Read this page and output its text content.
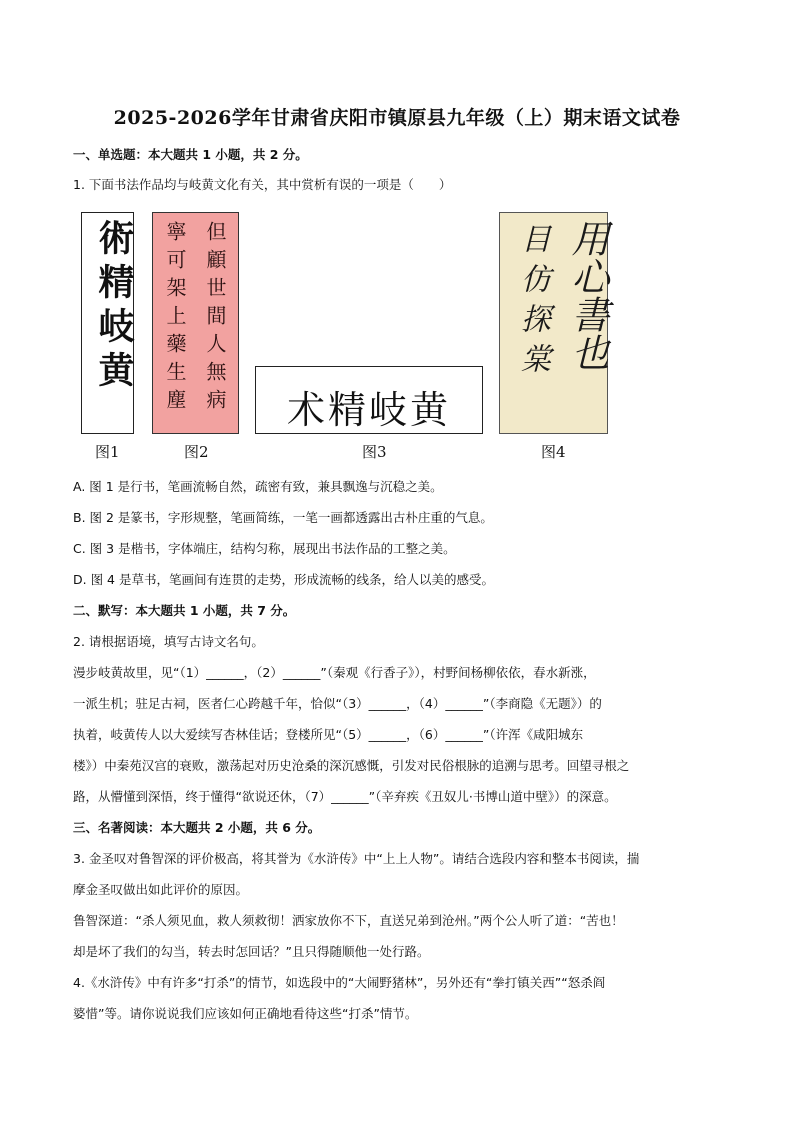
2025-2026学年甘肃省庆阳市镇原县九年级（上）期末语文试卷
一、单选题：本大题共 1 小题，共 2 分。
1. 下面书法作品均与岐黄文化有关，其中赏析有误的一项是（　　）
術精岐黄	但顧世間人無病
寧可架上藥生塵	术精岐黄
用心書也
目仿探棠
图1	图2	图3	图4
A. 图 1 是行书，笔画流畅自然，疏密有致，兼具飘逸与沉稳之美。
B. 图 2 是篆书，字形规整，笔画简练，一笔一画都透露出古朴庄重的气息。
C. 图 3 是楷书，字体端庄，结构匀称，展现出书法作品的工整之美。
D. 图 4 是草书，笔画间有连贯的走势，形成流畅的线条，给人以美的感受。
二、默写：本大题共 1 小题，共 7 分。
2. 请根据语境，填写古诗文名句。
漫步岐黄故里，见“（1）______，（2）______”（秦观《行香子》），村野间杨柳依依，春水新涨，
一派生机；驻足古祠，医者仁心跨越千年，恰似“（3）______，（4）______”（李商隐《无题》）的
执着，岐黄传人以大爱续写杏林佳话；登楼所见“（5）______，（6）______”（许浑《咸阳城东
楼》）中秦苑汉宫的衰败，激荡起对历史沧桑的深沉感慨，引发对民俗根脉的追溯与思考。回望寻根之
路，从懵懂到深悟，终于懂得“欲说还休，（7）______”（辛弃疾《丑奴儿·书博山道中壁》）的深意。
三、名著阅读：本大题共 2 小题，共 6 分。
3. 金圣叹对鲁智深的评价极高，将其誉为《水浒传》中“上上人物”。请结合选段内容和整本书阅读，揣
摩金圣叹做出如此评价的原因。
鲁智深道：“杀人须见血，救人须救彻！洒家放你不下，直送兄弟到沧州。”两个公人听了道：“苦也！
却是坏了我们的勾当，转去时怎回话？”且只得随顺他一处行路。
4.《水浒传》中有许多“打杀”的情节，如选段中的“大闹野猪林”，另外还有“拳打镇关西”“怒杀阎
婆惜”等。请你说说我们应该如何正确地看待这些“打杀”情节。
